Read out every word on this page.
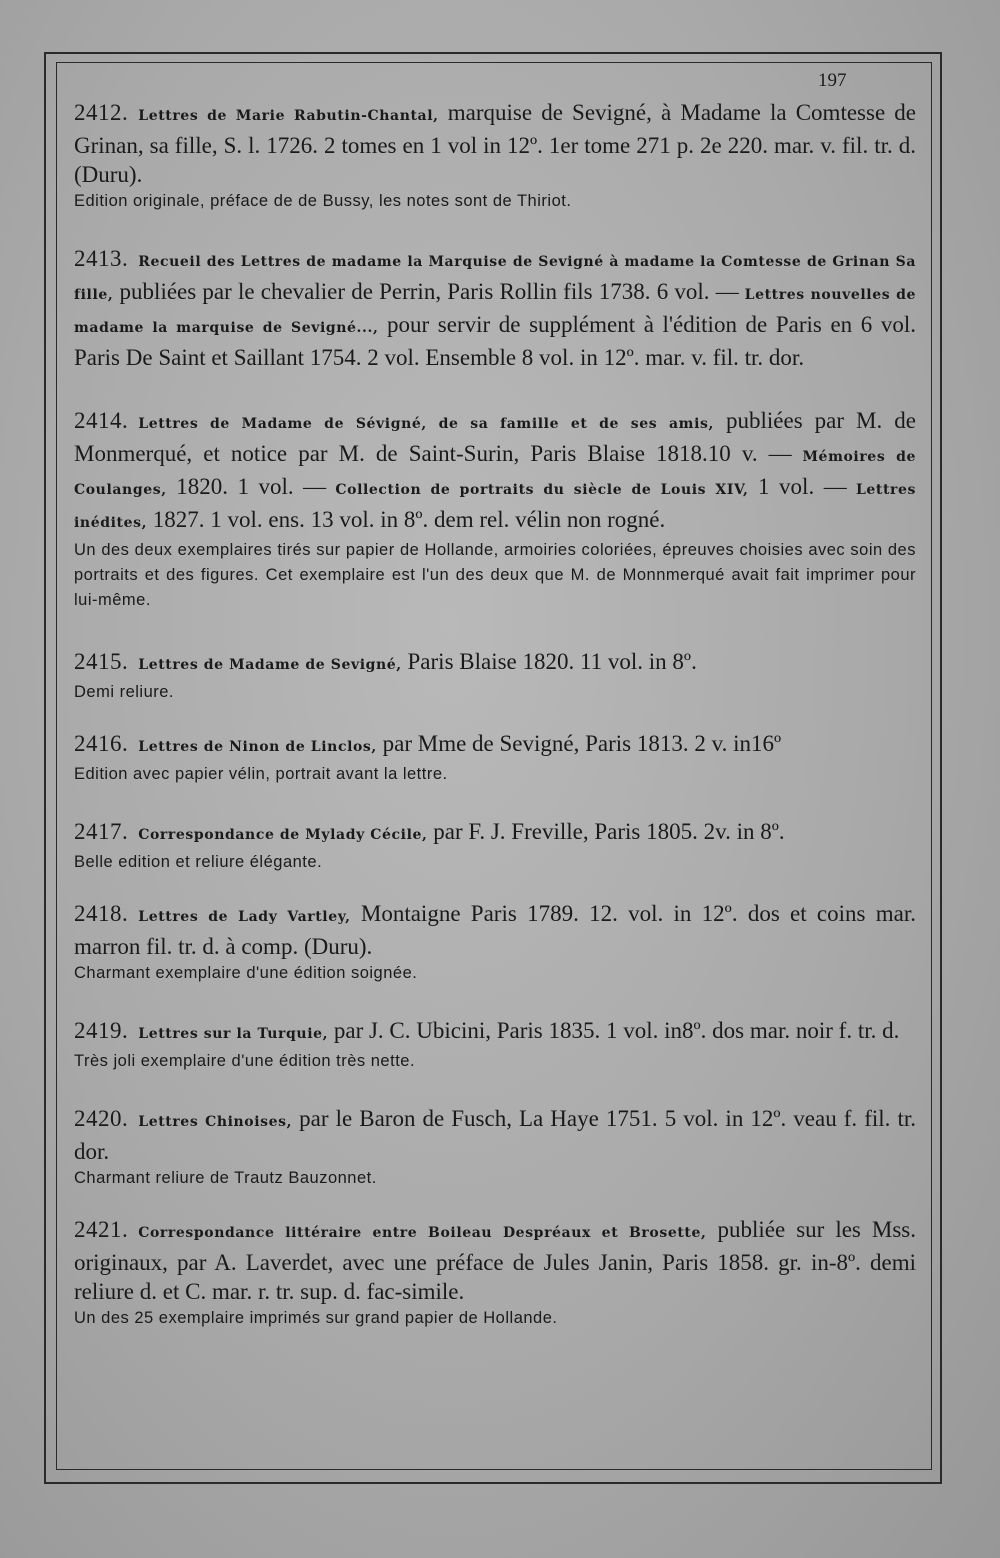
197

2412. Lettres de Marie Rabutin-Chantal, marquise de Sevigné, à Madame la Comtesse de Grinan, sa fille, S. l. 1726. 2 tomes en 1 vol in 12º. 1er tome 271 p. 2e 220. mar. v. fil. tr. d. (Duru).

Edition originale, préface de de Bussy, les notes sont de Thiriot.

2413. Recueil des Lettres de madame la Marquise de Sevigné à madame la Comtesse de Grinan Sa fille, publiées par le chevalier de Perrin, Paris Rollin fils 1738. 6 vol. — Lettres nouvelles de madame la marquise de Sevigné..., pour servir de supplément à l'édition de Paris en 6 vol. Paris De Saint et Saillant 1754. 2 vol. Ensemble 8 vol. in 12º. mar. v. fil. tr. dor.

2414. Lettres de Madame de Sévigné, de sa famille et de ses amis, publiées par M. de Monmerqué, et notice par M. de Saint-Surin, Paris Blaise 1818.10 v. — Mémoires de Coulanges, 1820. 1 vol. — Collection de portraits du siècle de Louis XIV, 1 vol. — Lettres inédites, 1827. 1 vol. ens. 13 vol. in 8º. dem rel. vélin non rogné.

Un des deux exemplaires tirés sur papier de Hollande, armoiries coloriées, épreuves choisies avec soin des portraits et des figures. Cet exemplaire est l'un des deux que M. de Monnmerqué avait fait imprimer pour lui-même.

2415. Lettres de Madame de Sevigné, Paris Blaise 1820. 11 vol. in 8º.

Demi reliure.

2416. Lettres de Ninon de Linclos, par Mme de Sevigné, Paris 1813. 2 v. in16º

Edition avec papier vélin, portrait avant la lettre.

2417. Correspondance de Mylady Cécile, par F. J. Freville, Paris 1805. 2v. in 8º.

Belle edition et reliure élégante.

2418. Lettres de Lady Vartley, Montaigne Paris 1789. 12. vol. in 12º. dos et coins mar. marron fil. tr. d. à comp. (Duru).

Charmant exemplaire d'une édition soignée.

2419. Lettres sur la Turquie, par J. C. Ubicini, Paris 1835. 1 vol. in8º. dos mar. noir f. tr. d.

Très joli exemplaire d'une édition très nette.

2420. Lettres Chinoises, par le Baron de Fusch, La Haye 1751. 5 vol. in 12º. veau f. fil. tr. dor.

Charmant reliure de Trautz Bauzonnet.

2421. Correspondance littéraire entre Boileau Despréaux et Brosette, publiée sur les Mss. originaux, par A. Laverdet, avec une préface de Jules Janin, Paris 1858. gr. in-8º. demi reliure d. et C. mar. r. tr. sup. d. fac-simile.

Un des 25 exemplaire imprimés sur grand papier de Hollande.
